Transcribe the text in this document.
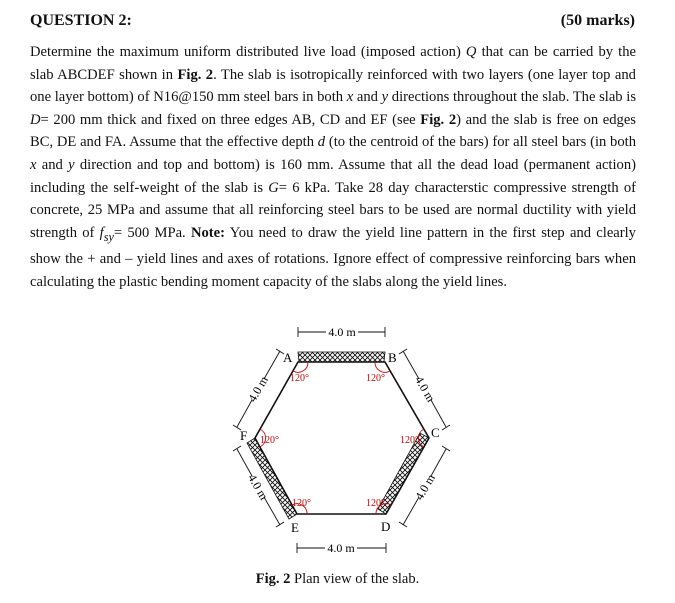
QUESTION 2:	(50 marks)
Determine the maximum uniform distributed live load (imposed action) Q that can be carried by the slab ABCDEF shown in Fig. 2. The slab is isotropically reinforced with two layers (one layer top and one layer bottom) of N16@150 mm steel bars in both x and y directions throughout the slab. The slab is D= 200 mm thick and fixed on three edges AB, CD and EF (see Fig. 2) and the slab is free on edges BC, DE and FA. Assume that the effective depth d (to the centroid of the bars) for all steel bars (in both x and y direction and top and bottom) is 160 mm. Assume that all the dead load (permanent action) including the self-weight of the slab is G= 6 kPa. Take 28 day characterstic compressive strength of concrete, 25 MPa and assume that all reinforcing steel bars to be used are normal ductility with yield strength of $f_{sy}= 500$ MPa. Note: You need to draw the yield line pattern in the first step and clearly show the + and – yield lines and axes of rotations. Ignore effect of compressive reinforcing bars when calculating the plastic bending moment capacity of the slabs along the yield lines.
A	B
C
D
E
F
120°	120°
120°
120°
120°
120°
4.0 m
4.0 m
4.0 m	4.0 m
4.0 m	4.0 m
Fig. 2 Plan view of the slab.
